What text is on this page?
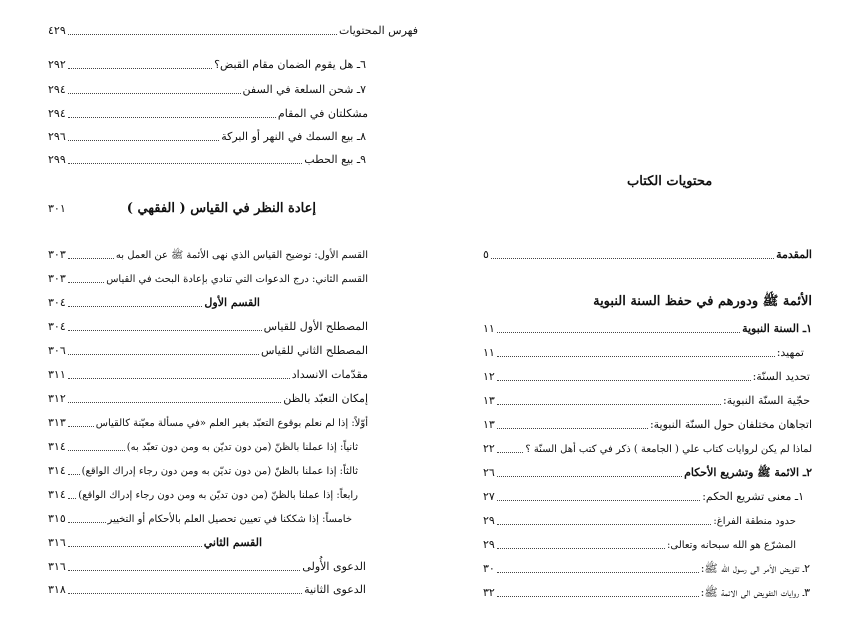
فهرس المحتويات
٤٢٩
٦ـ هل يقوم الضمان مقام القبض؟
٢٩٢
٧ـ شحن السلعة في السفن
٢٩٤
مشكلتان في المقام
٢٩٤
٨ـ بيع السمك في النهر أو البركة
٢٩٦
٩ـ بيع الحطب
٢٩٩
إعادة النظر في القياس ( الفقهي )
٣٠١
القسم الأول: توضيح القياس الذي نهى الأئمة ﷺ عن العمل به
٣٠٣
القسم الثاني: درج الدعوات التي تنادي بإعادة البحث في القياس
٣٠٣
القسم الأول
٣٠٤
المصطلح الأول للقياس
٣٠٤
المصطلح الثاني للقياس
٣٠٦
مقدّمات الانسداد
٣١١
إمكان التعبّد بالظن
٣١٢
أوّلاً: إذا لم نعلم بوقوع التعبّد بغير العلم «في مسألة معيّنة كالقياس
٣١٣
ثانياً: إذا عملنا بالظنّ (من دون تديّن به ومن دون تعبّد به)
٣١٤
ثالثاً: إذا عملنا بالظنّ (من دون تديّن به ومن دون رجاء إدراك الواقع)
٣١٤
رابعاً: إذا عملنا بالظنّ (من دون تديّن به ومن دون رجاء إدراك الواقع)
٣١٤
خامساً: إذا شككنا في تعيين تحصيل العلم بالأحكام أو التخيير
٣١٥
القسم الثاني
٣١٦
الدعوى الأُولى
٣١٦
الدعوى الثانية
٣١٨
محتويات الكتاب
المقدمة
٥
الأئمة ﷺ ودورهم في حفظ السنة النبوية
١ـ السنة النبوية
١١
تمهيد:
١١
تحديد السنّة:
١٢
حجّية السنّة النبوية:
١٣
اتجاهان مختلفان حول السنّة النبوية:
١٣
لماذا لم يكن لروايات كتاب علي ( الجامعة ) ذكر في كتب أهل السنّة ؟
٢٢
٢ـ الائمة ﷺ وتشريع الأحكام
٢٦
١ـ معنى تشريع الحكم:
٢٧
حدود منطقة الفراغ:
٢٩
المشرّع هو الله سبحانه وتعالى:
٢٩
٢ـ تفويض الأمر الى رسول الله ﷺ:
٣٠
٣ـ روايات التفويض الى الائمة ﷺ:
٣٢
